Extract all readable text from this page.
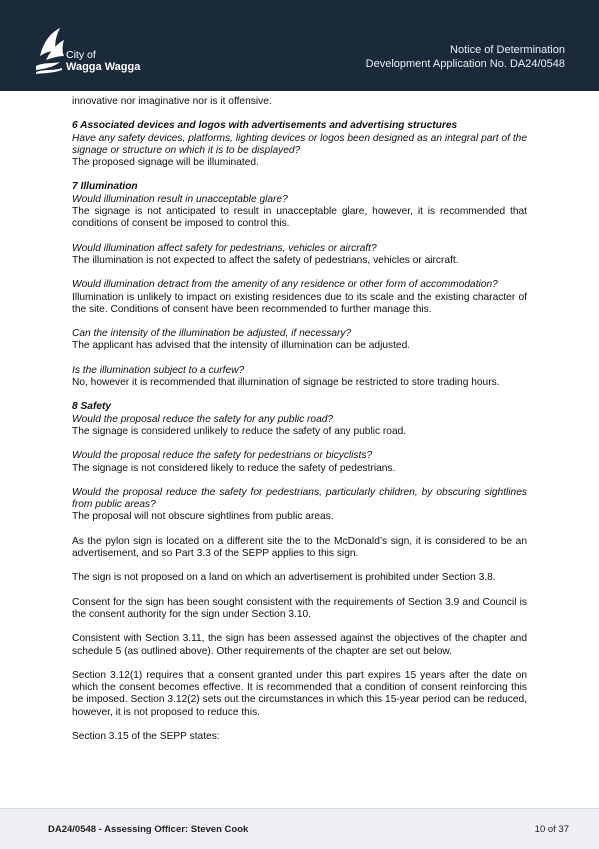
City of
Wagga Wagga
Notice of Determination
Development Application No. DA24/0548

innovative nor imaginative nor is it offensive.

6 Associated devices and logos with advertisements and advertising structures
Have any safety devices, platforms, lighting devices or logos been designed as an integral part of the signage or structure on which it is to be displayed?
The proposed signage will be illuminated.

7 Illumination
Would illumination result in unacceptable glare?
The signage is not anticipated to result in unacceptable glare, however, it is recommended that conditions of consent be imposed to control this.

Would illumination affect safety for pedestrians, vehicles or aircraft?
The illumination is not expected to affect the safety of pedestrians, vehicles or aircraft.

Would illumination detract from the amenity of any residence or other form of accommodation?
Illumination is unlikely to impact on existing residences due to its scale and the existing character of the site. Conditions of consent have been recommended to further manage this.

Can the intensity of the illumination be adjusted, if necessary?
The applicant has advised that the intensity of illumination can be adjusted.

Is the illumination subject to a curfew?
No, however it is recommended that illumination of signage be restricted to store trading hours.

8 Safety
Would the proposal reduce the safety for any public road?
The signage is considered unlikely to reduce the safety of any public road.

Would the proposal reduce the safety for pedestrians or bicyclists?
The signage is not considered likely to reduce the safety of pedestrians.

Would the proposal reduce the safety for pedestrians, particularly children, by obscuring sightlines from public areas?
The proposal will not obscure sightlines from public areas.

As the pylon sign is located on a different site the to the McDonald’s sign, it is considered to be an advertisement, and so Part 3.3 of the SEPP applies to this sign.

The sign is not proposed on a land on which an advertisement is prohibited under Section 3.8.

Consent for the sign has been sought consistent with the requirements of Section 3.9 and Council is the consent authority for the sign under Section 3.10.

Consistent with Section 3.11, the sign has been assessed against the objectives of the chapter and schedule 5 (as outlined above). Other requirements of the chapter are set out below.

Section 3.12(1) requires that a consent granted under this part expires 15 years after the date on which the consent becomes effective. It is recommended that a condition of consent reinforcing this be imposed. Section 3.12(2) sets out the circumstances in which this 15-year period can be reduced, however, it is not proposed to reduce this.

Section 3.15 of the SEPP states:

DA24/0548 - Assessing Officer: Steven Cook	10 of 37
